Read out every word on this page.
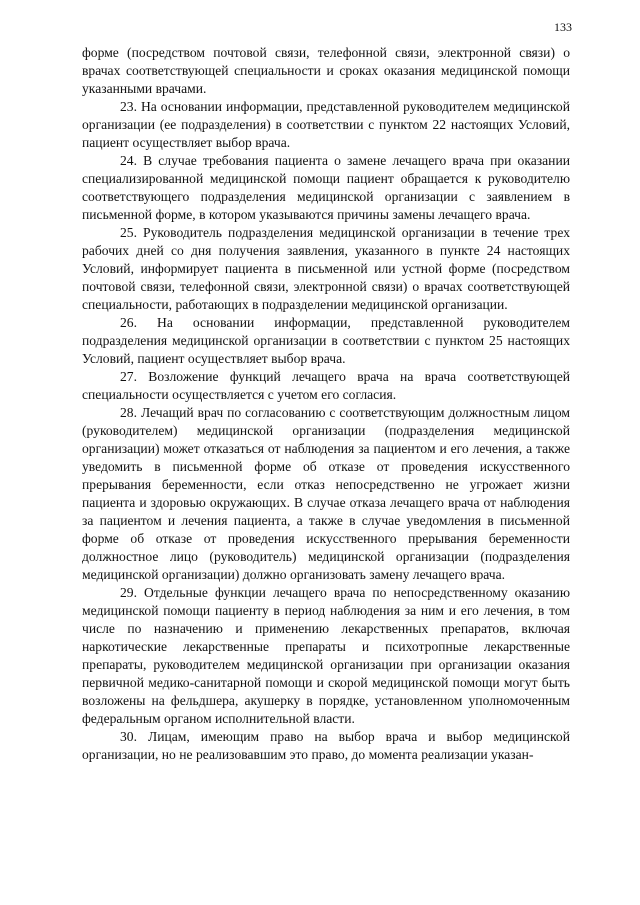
133

форме (посредством почтовой связи, телефонной связи, электронной связи) о врачах соответствующей специальности и сроках оказания медицинской помощи указанными врачами.

23. На основании информации, представленной руководителем медицинской организации (ее подразделения) в соответствии с пунктом 22 настоящих Условий, пациент осуществляет выбор врача.

24. В случае требования пациента о замене лечащего врача при оказании специализированной медицинской помощи пациент обращается к руководителю соответствующего подразделения медицинской организации с заявлением в письменной форме, в котором указываются причины замены лечащего врача.

25. Руководитель подразделения медицинской организации в течение трех рабочих дней со дня получения заявления, указанного в пункте 24 настоящих Условий, информирует пациента в письменной или устной форме (посредством почтовой связи, телефонной связи, электронной связи) о врачах соответствующей специальности, работающих в подразделении медицинской организации.

26. На основании информации, представленной руководителем подразделения медицинской организации в соответствии с пунктом 25 настоящих Условий, пациент осуществляет выбор врача.

27. Возложение функций лечащего врача на врача соответствующей специальности осуществляется с учетом его согласия.

28. Лечащий врач по согласованию с соответствующим должностным лицом (руководителем) медицинской организации (подразделения медицинской организации) может отказаться от наблюдения за пациентом и его лечения, а также уведомить в письменной форме об отказе от проведения искусственного прерывания беременности, если отказ непосредственно не угрожает жизни пациента и здоровью окружающих. В случае отказа лечащего врача от наблюдения за пациентом и лечения пациента, а также в случае уведомления в письменной форме об отказе от проведения искусственного прерывания беременности должностное лицо (руководитель) медицинской организации (подразделения медицинской организации) должно организовать замену лечащего врача.

29. Отдельные функции лечащего врача по непосредственному оказанию медицинской помощи пациенту в период наблюдения за ним и его лечения, в том числе по назначению и применению лекарственных препаратов, включая наркотические лекарственные препараты и психотропные лекарственные препараты, руководителем медицинской организации при организации оказания первичной медико-санитарной помощи и скорой медицинской помощи могут быть возложены на фельдшера, акушерку в порядке, установленном уполномоченным федеральным органом исполнительной власти.

30. Лицам, имеющим право на выбор врача и выбор медицинской организации, но не реализовавшим это право, до момента реализации указан-
